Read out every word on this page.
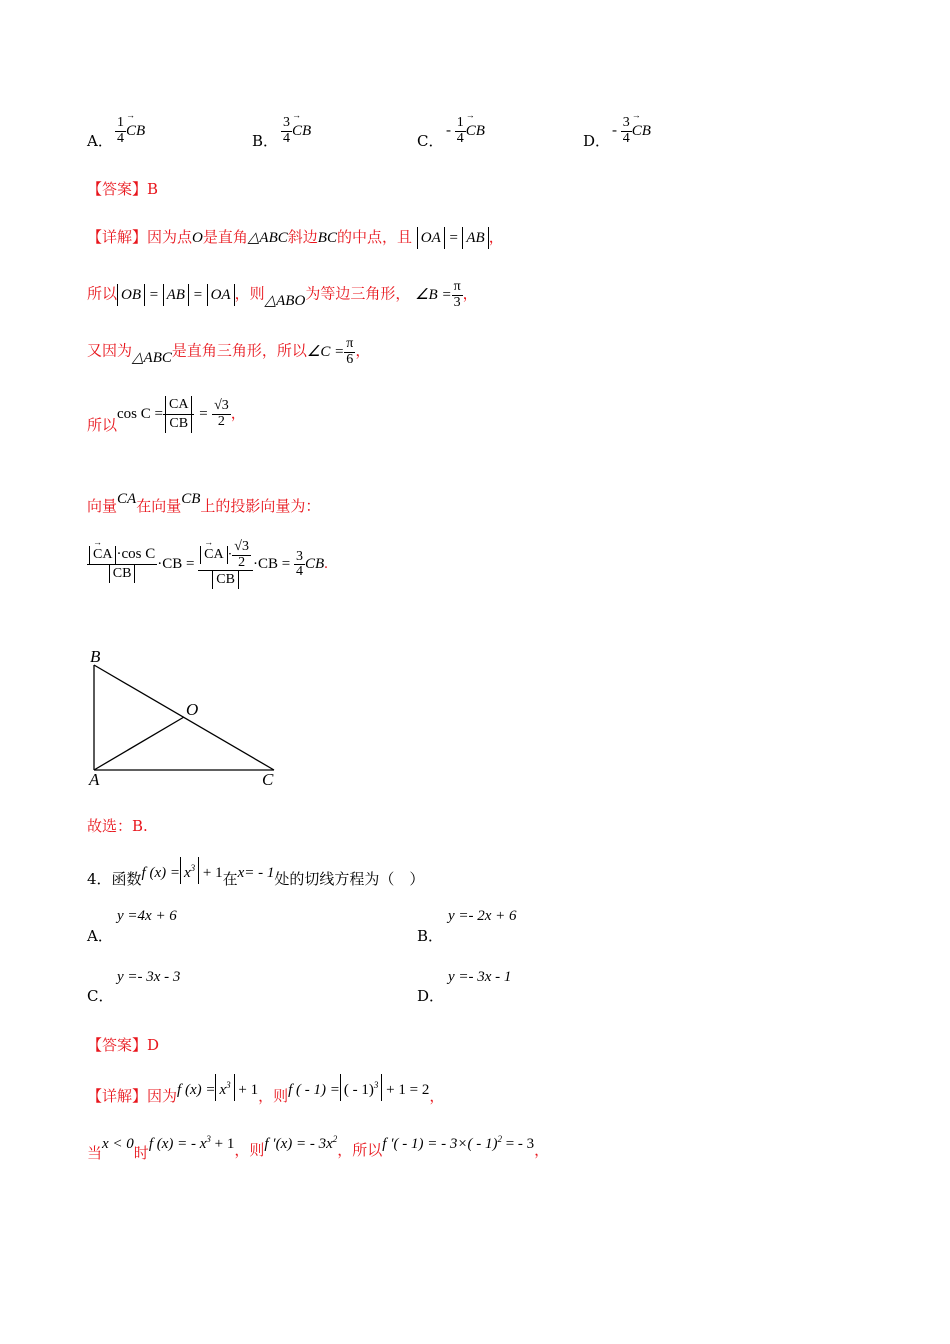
A． $\frac{1}{4}$ → CB
B． $\frac{3}{4}$ → CB
C．
- $\frac{1}{4}$ → CB
D．
- $\frac{3}{4}$ → CB
【答案】B
【详解】因为点O是直角△ABC斜边BC的中点，且 OA = AB ，
所以 OB = AB = OA ，则△ABO为等边三角形， ∠B = $\frac{\pi}{3}$ ，
又因为△ABC是直角三角形，所以∠C = $\frac{\pi}{6}$ ，
所以$\cos C = \frac{CA}{CB} = \frac{√3}{2}$ ，
向量CA在向量CB上的投影向量为：
→ $\frac{\text{CA ·cos C}}{CB} \cdot CB$ = → $\frac{CA \cdot \frac{√3}{2}}{CB} \cdot CB = \frac{3}{4}$ CB.
B
O
A	C
故选：B.
4．函数f $(x) = x^3 + 1$在x= - 1处的切线方程为（　）
A．
y =4x + 6
B．
y =- 2x + 6
C．
y =- 3x - 3
D．
y =- 3x - 1
【答案】D
【详解】因为f $(x) = x^3 + 1$，则f ( - 1) = ( - 1)$^3$ + 1 = 2，
当x < 0时f (x) = - $x^3 + 1$，则f ′(x) = - $3x^2$，所以f ′( - 1) = - 3×( - 1)$^2$ = - 3，
